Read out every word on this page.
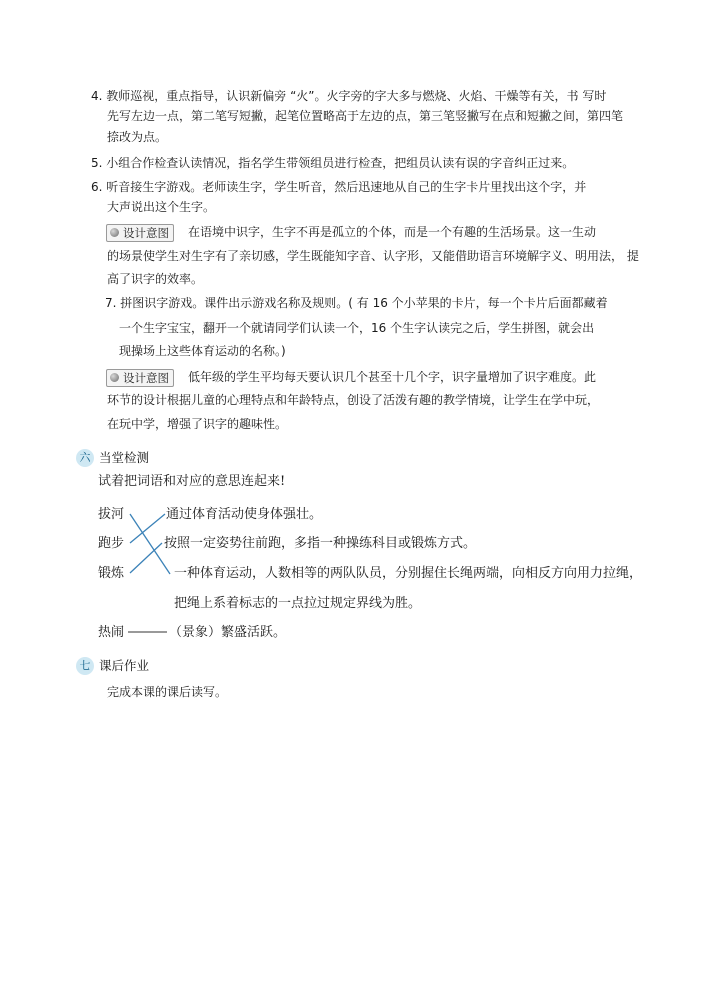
4. 教师巡视，重点指导，认识新偏旁 “火”。火字旁的字大多与燃烧、火焰、干燥等有关，书 写时
先写左边一点，第二笔写短撇，起笔位置略高于左边的点，第三笔竖撇写在点和短撇之间，第四笔
捺改为点。
5. 小组合作检查认读情况，指名学生带领组员进行检查，把组员认读有误的字音纠正过来。
6. 听音接生字游戏。老师读生字，学生听音，然后迅速地从自己的生字卡片里找出这个字，并
大声说出这个生字。
设计意图	在语境中识字，生字不再是孤立的个体，而是一个有趣的生活场景。这一生动
的场景使学生对生字有了亲切感，学生既能知字音、认字形，又能借助语言环境解字义、明用法， 提
高了识字的效率。
7. 拼图识字游戏。课件出示游戏名称及规则。( 有 16 个小苹果的卡片，每一个卡片后面都藏着
一个生字宝宝，翻开一个就请同学们认读一个，16 个生字认读完之后，学生拼图，就会出
现操场上这些体育运动的名称。)
设计意图	低年级的学生平均每天要认识几个甚至十几个字，识字量增加了识字难度。此
环节的设计根据儿童的心理特点和年龄特点，创设了活泼有趣的教学情境，让学生在学中玩，
在玩中学，增强了识字的趣味性。
六 当堂检测
试着把词语和对应的意思连起来!
拔河
跑步
锻炼
热闹
通过体育活动使身体强壮。
按照一定姿势往前跑，多指一种操练科目或锻炼方式。
一种体育运动，人数相等的两队队员，分别握住长绳两端，向相反方向用力拉绳，
把绳上系着标志的一点拉过规定界线为胜。
（景象）繁盛活跃。
七 课后作业
完成本课的课后读写。
